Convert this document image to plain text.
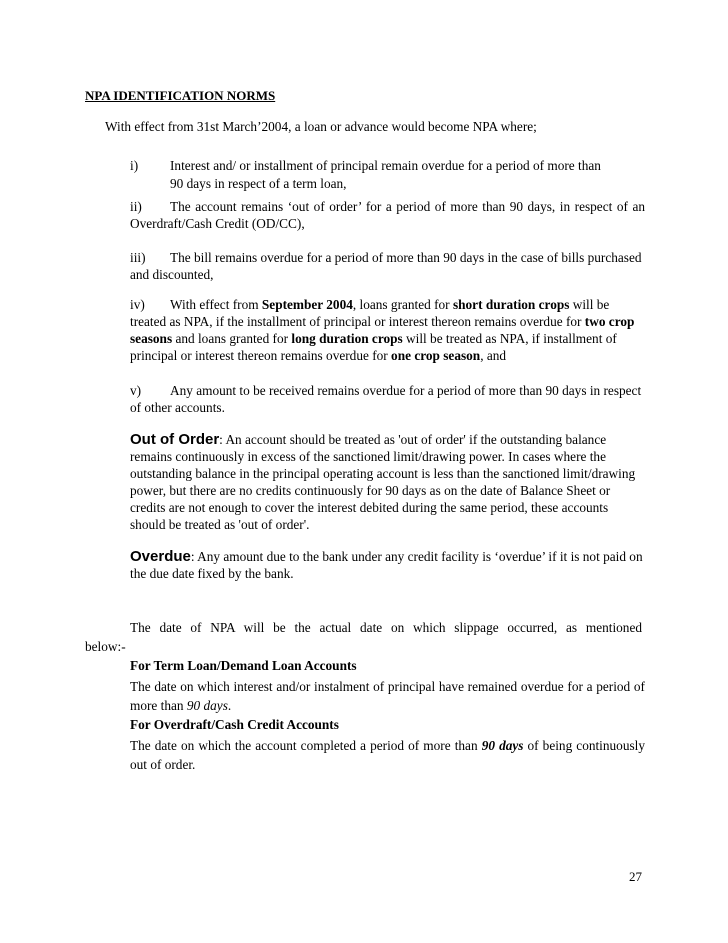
NPA IDENTIFICATION NORMS
With effect from 31st March’2004, a loan or advance would become NPA where;
i) Interest and/ or installment of principal remain overdue for a period of more than
90 days in respect of a term loan,
ii) The account remains ‘out of order’ for a period of more than 90 days, in respect of an Overdraft/Cash Credit (OD/CC),
iii) The bill remains overdue for a period of more than 90 days in the case of bills purchased and discounted,
iv) With effect from September 2004, loans granted for short duration crops will be treated as NPA, if the installment of principal or interest thereon remains overdue for two crop seasons and loans granted for long duration crops will be treated as NPA, if installment of principal or interest thereon remains overdue for one crop season, and
v) Any amount to be received remains overdue for a period of more than 90 days in respect of other accounts.
Out of Order: An account should be treated as 'out of order' if the outstanding balance remains continuously in excess of the sanctioned limit/drawing power. In cases where the outstanding balance in the principal operating account is less than the sanctioned limit/drawing power, but there are no credits continuously for 90 days as on the date of Balance Sheet or credits are not enough to cover the interest debited during the same period, these accounts should be treated as 'out of order'.
Overdue: Any amount due to the bank under any credit facility is ‘overdue’ if it is not paid on the due date fixed by the bank.
The date of NPA will be the actual date on which slippage occurred, as mentioned
below:-
For Term Loan/Demand Loan Accounts
The date on which interest and/or instalment of principal have remained overdue for a period of more than 90 days.
For Overdraft/Cash Credit Accounts
The date on which the account completed a period of more than 90 days of being continuously out of order.
27
